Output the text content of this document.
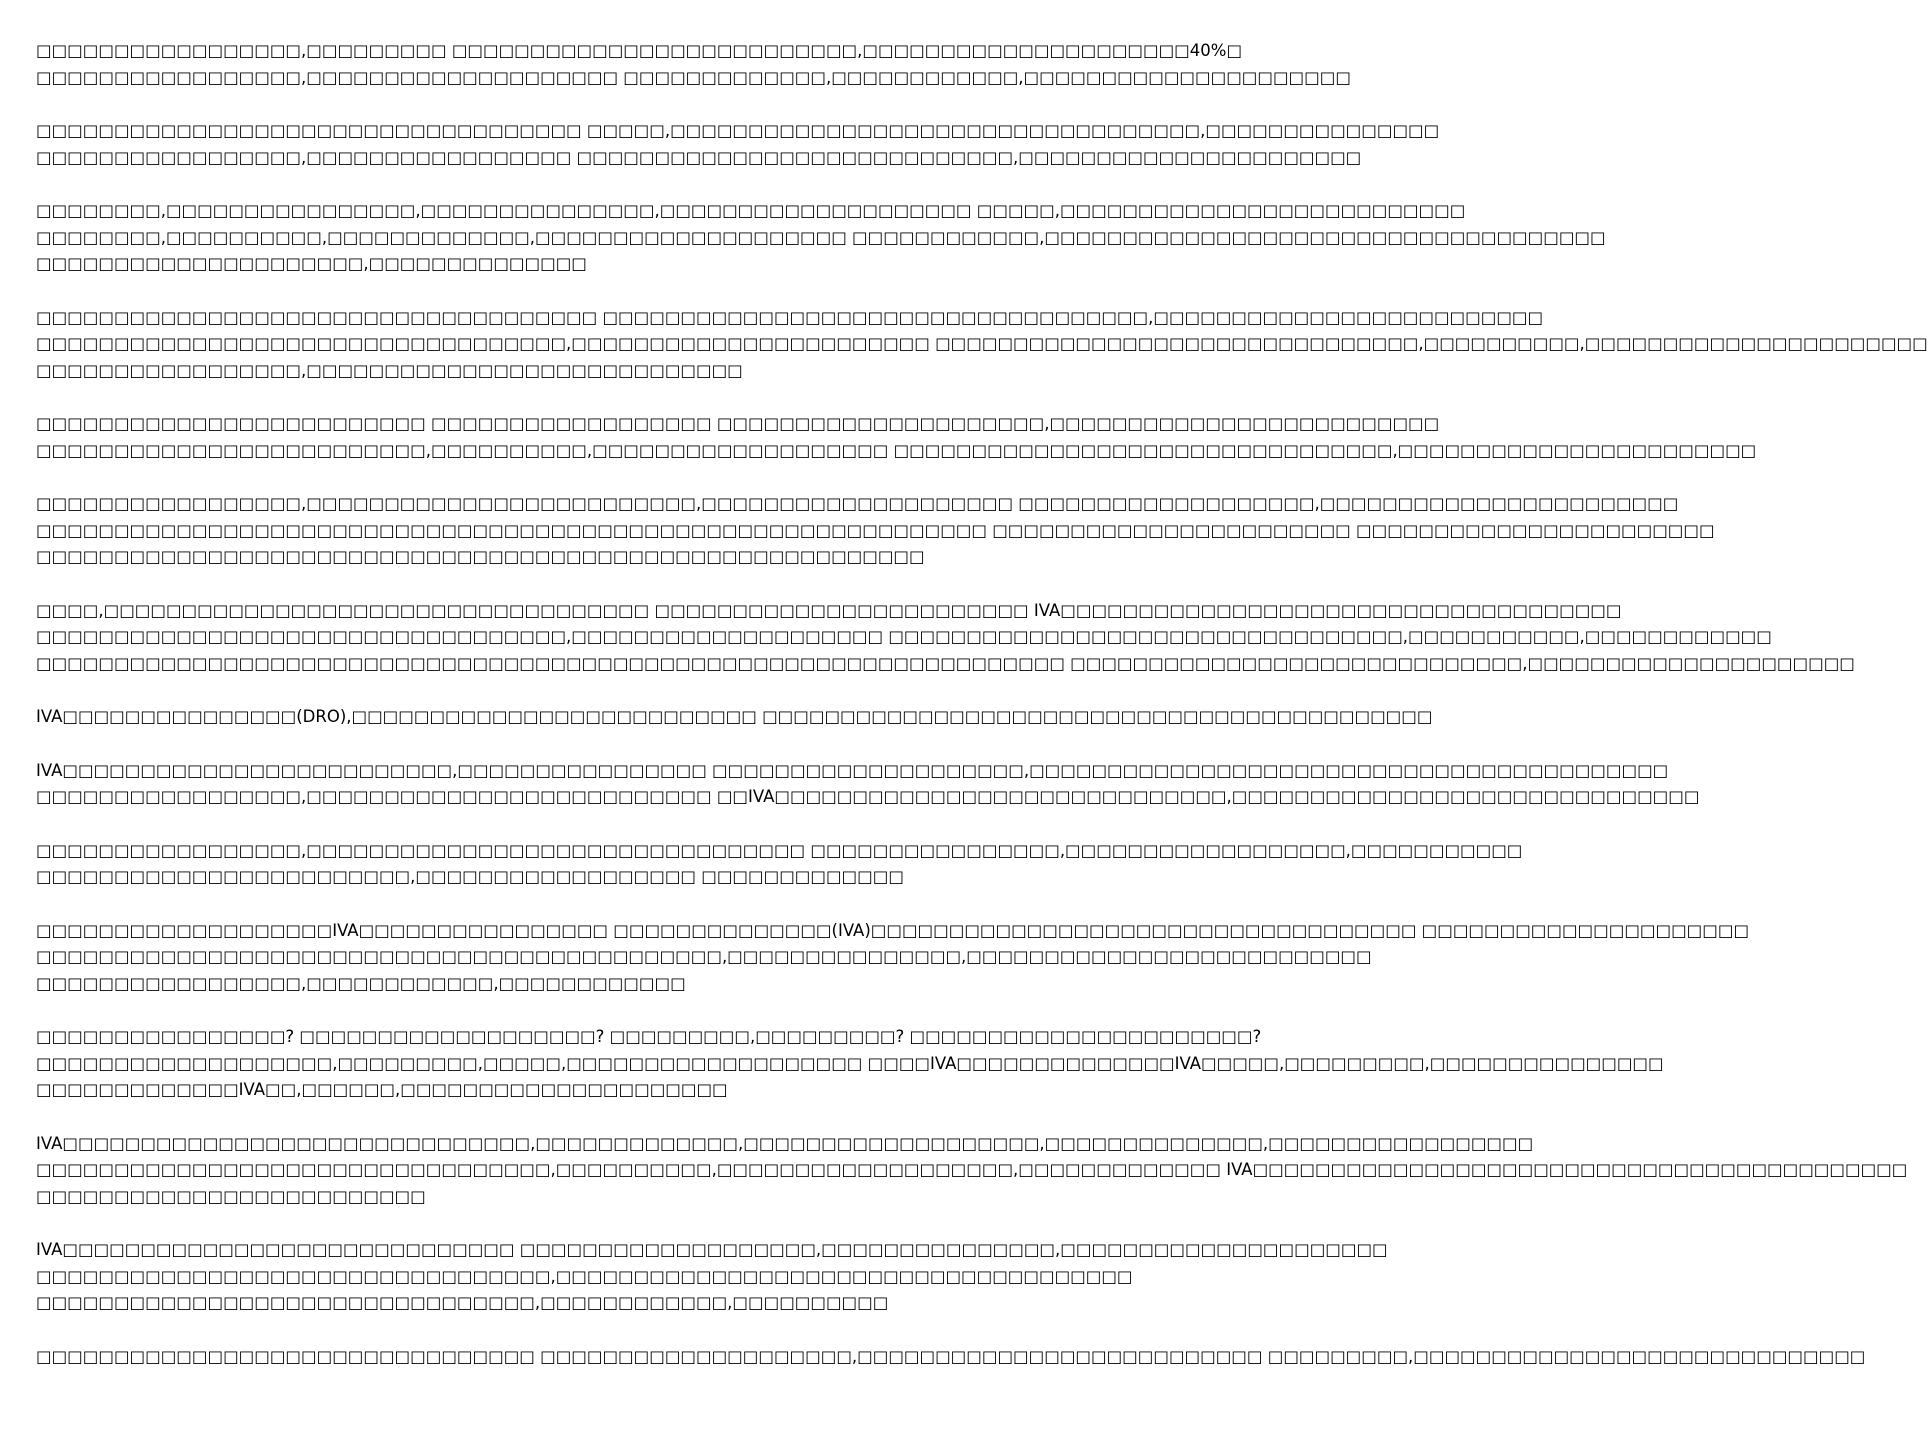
□□□□□□□□□□□□□□□□□,□□□□□□□□□ □□□□□□□□□□□□□□□□□□□□□□□□□□,□□□□□□□□□□□□□□□□□□□□□40%□
□□□□□□□□□□□□□□□□□,□□□□□□□□□□□□□□□□□□□□ □□□□□□□□□□□□□,□□□□□□□□□□□□,□□□□□□□□□□□□□□□□□□□□□

□□□□□□□□□□□□□□□□□□□□□□□□□□□□□□□□□□□ □□□□□,□□□□□□□□□□□□□□□□□□□□□□□□□□□□□□□□□□,□□□□□□□□□□□□□□□
□□□□□□□□□□□□□□□□□,□□□□□□□□□□□□□□□□□ □□□□□□□□□□□□□□□□□□□□□□□□□□□□,□□□□□□□□□□□□□□□□□□□□□□

□□□□□□□□,□□□□□□□□□□□□□□□□,□□□□□□□□□□□□□□□,□□□□□□□□□□□□□□□□□□□□ □□□□□,□□□□□□□□□□□□□□□□□□□□□□□□□□
□□□□□□□□,□□□□□□□□□□,□□□□□□□□□□□□□,□□□□□□□□□□□□□□□□□□□□ □□□□□□□□□□□□,□□□□□□□□□□□□□□□□□□□□□□□□□□□□□□□□□□□□
□□□□□□□□□□□□□□□□□□□□□,□□□□□□□□□□□□□□

□□□□□□□□□□□□□□□□□□□□□□□□□□□□□□□□□□□□ □□□□□□□□□□□□□□□□□□□□□□□□□□□□□□□□□□□,□□□□□□□□□□□□□□□□□□□□□□□□□
□□□□□□□□□□□□□□□□□□□□□□□□□□□□□□□□□□,□□□□□□□□□□□□□□□□□□□□□□□ □□□□□□□□□□□□□□□□□□□□□□□□□□□□□□□,□□□□□□□□□□,□□□□□□□□□□□□□□□□□□□□□□
□□□□□□□□□□□□□□□□□,□□□□□□□□□□□□□□□□□□□□□□□□□□□□

□□□□□□□□□□□□□□□□□□□□□□□□□ □□□□□□□□□□□□□□□□□□ □□□□□□□□□□□□□□□□□□□□□,□□□□□□□□□□□□□□□□□□□□□□□□□
□□□□□□□□□□□□□□□□□□□□□□□□□,□□□□□□□□□□,□□□□□□□□□□□□□□□□□□□ □□□□□□□□□□□□□□□□□□□□□□□□□□□□□□□□,□□□□□□□□□□□□□□□□□□□□□□□

□□□□□□□□□□□□□□□□□,□□□□□□□□□□□□□□□□□□□□□□□□□,□□□□□□□□□□□□□□□□□□□□ □□□□□□□□□□□□□□□□□□□,□□□□□□□□□□□□□□□□□□□□□□□
□□□□□□□□□□□□□□□□□□□□□□□□□□□□□□□□□□□□□□□□□□□□□□□□□□□□□□□□□□□□□ □□□□□□□□□□□□□□□□□□□□□□□ □□□□□□□□□□□□□□□□□□□□□□□
□□□□□□□□□□□□□□□□□□□□□□□□□□□□□□□□□□□□□□□□□□□□□□□□□□□□□□□□□

□□□□,□□□□□□□□□□□□□□□□□□□□□□□□□□□□□□□□□□□ □□□□□□□□□□□□□□□□□□□□□□□□ IVA□□□□□□□□□□□□□□□□□□□□□□□□□□□□□□□□□□□□
□□□□□□□□□□□□□□□□□□□□□□□□□□□□□□□□□□,□□□□□□□□□□□□□□□□□□□□ □□□□□□□□□□□□□□□□□□□□□□□□□□□□□□□□□,□□□□□□□□□□□,□□□□□□□□□□□□
□□□□□□□□□□□□□□□□□□□□□□□□□□□□□□□□□□□□□□□□□□□□□□□□□□□□□□□□□□□□□□□□□□ □□□□□□□□□□□□□□□□□□□□□□□□□□□□□,□□□□□□□□□□□□□□□□□□□□□

IVA□□□□□□□□□□□□□□□(DRO),□□□□□□□□□□□□□□□□□□□□□□□□□□ □□□□□□□□□□□□□□□□□□□□□□□□□□□□□□□□□□□□□□□□□□□

IVA□□□□□□□□□□□□□□□□□□□□□□□□□,□□□□□□□□□□□□□□□□ □□□□□□□□□□□□□□□□□□□□,□□□□□□□□□□□□□□□□□□□□□□□□□□□□□□□□□□□□□□□□□
□□□□□□□□□□□□□□□□□,□□□□□□□□□□□□□□□□□□□□□□□□□□ □□IVA□□□□□□□□□□□□□□□□□□□□□□□□□□□□□,□□□□□□□□□□□□□□□□□□□□□□□□□□□□□□

□□□□□□□□□□□□□□□□□,□□□□□□□□□□□□□□□□□□□□□□□□□□□□□□□□ □□□□□□□□□□□□□□□□,□□□□□□□□□□□□□□□□□□,□□□□□□□□□□□
□□□□□□□□□□□□□□□□□□□□□□□□,□□□□□□□□□□□□□□□□□□ □□□□□□□□□□□□□

□□□□□□□□□□□□□□□□□□□IVA□□□□□□□□□□□□□□□□ □□□□□□□□□□□□□□(IVA)□□□□□□□□□□□□□□□□□□□□□□□□□□□□□□□□□□□ □□□□□□□□□□□□□□□□□□□□□
□□□□□□□□□□□□□□□□□□□□□□□□□□□□□□□□□□□□□□□□□□□□,□□□□□□□□□□□□□□□,□□□□□□□□□□□□□□□□□□□□□□□□□□
□□□□□□□□□□□□□□□□□,□□□□□□□□□□□□,□□□□□□□□□□□□

□□□□□□□□□□□□□□□□? □□□□□□□□□□□□□□□□□□□? □□□□□□□□□,□□□□□□□□□? □□□□□□□□□□□□□□□□□□□□□□?
□□□□□□□□□□□□□□□□□□□,□□□□□□□□□,□□□□□,□□□□□□□□□□□□□□□□□□□ □□□□IVA□□□□□□□□□□□□□□IVA□□□□□,□□□□□□□□□,□□□□□□□□□□□□□□□
□□□□□□□□□□□□□IVA□□,□□□□□□,□□□□□□□□□□□□□□□□□□□□□

IVA□□□□□□□□□□□□□□□□□□□□□□□□□□□□□□,□□□□□□□□□□□□□,□□□□□□□□□□□□□□□□□□□,□□□□□□□□□□□□□□,□□□□□□□□□□□□□□□□□
□□□□□□□□□□□□□□□□□□□□□□□□□□□□□□□□□,□□□□□□□□□□,□□□□□□□□□□□□□□□□□□□,□□□□□□□□□□□□□ IVA□□□□□□□□□□□□□□□□□□□□□□□□□□□□□□□□□□□□□□□□□□
□□□□□□□□□□□□□□□□□□□□□□□□□

IVA□□□□□□□□□□□□□□□□□□□□□□□□□□□□□ □□□□□□□□□□□□□□□□□□□,□□□□□□□□□□□□□□□,□□□□□□□□□□□□□□□□□□□□□
□□□□□□□□□□□□□□□□□□□□□□□□□□□□□□□□□,□□□□□□□□□□□□□□□□□□□□□□□□□□□□□□□□□□□□□
□□□□□□□□□□□□□□□□□□□□□□□□□□□□□□□□,□□□□□□□□□□□□,□□□□□□□□□□

□□□□□□□□□□□□□□□□□□□□□□□□□□□□□□□□ □□□□□□□□□□□□□□□□□□□□,□□□□□□□□□□□□□□□□□□□□□□□□□□ □□□□□□□□□,□□□□□□□□□□□□□□□□□□□□□□□□□□□□□
